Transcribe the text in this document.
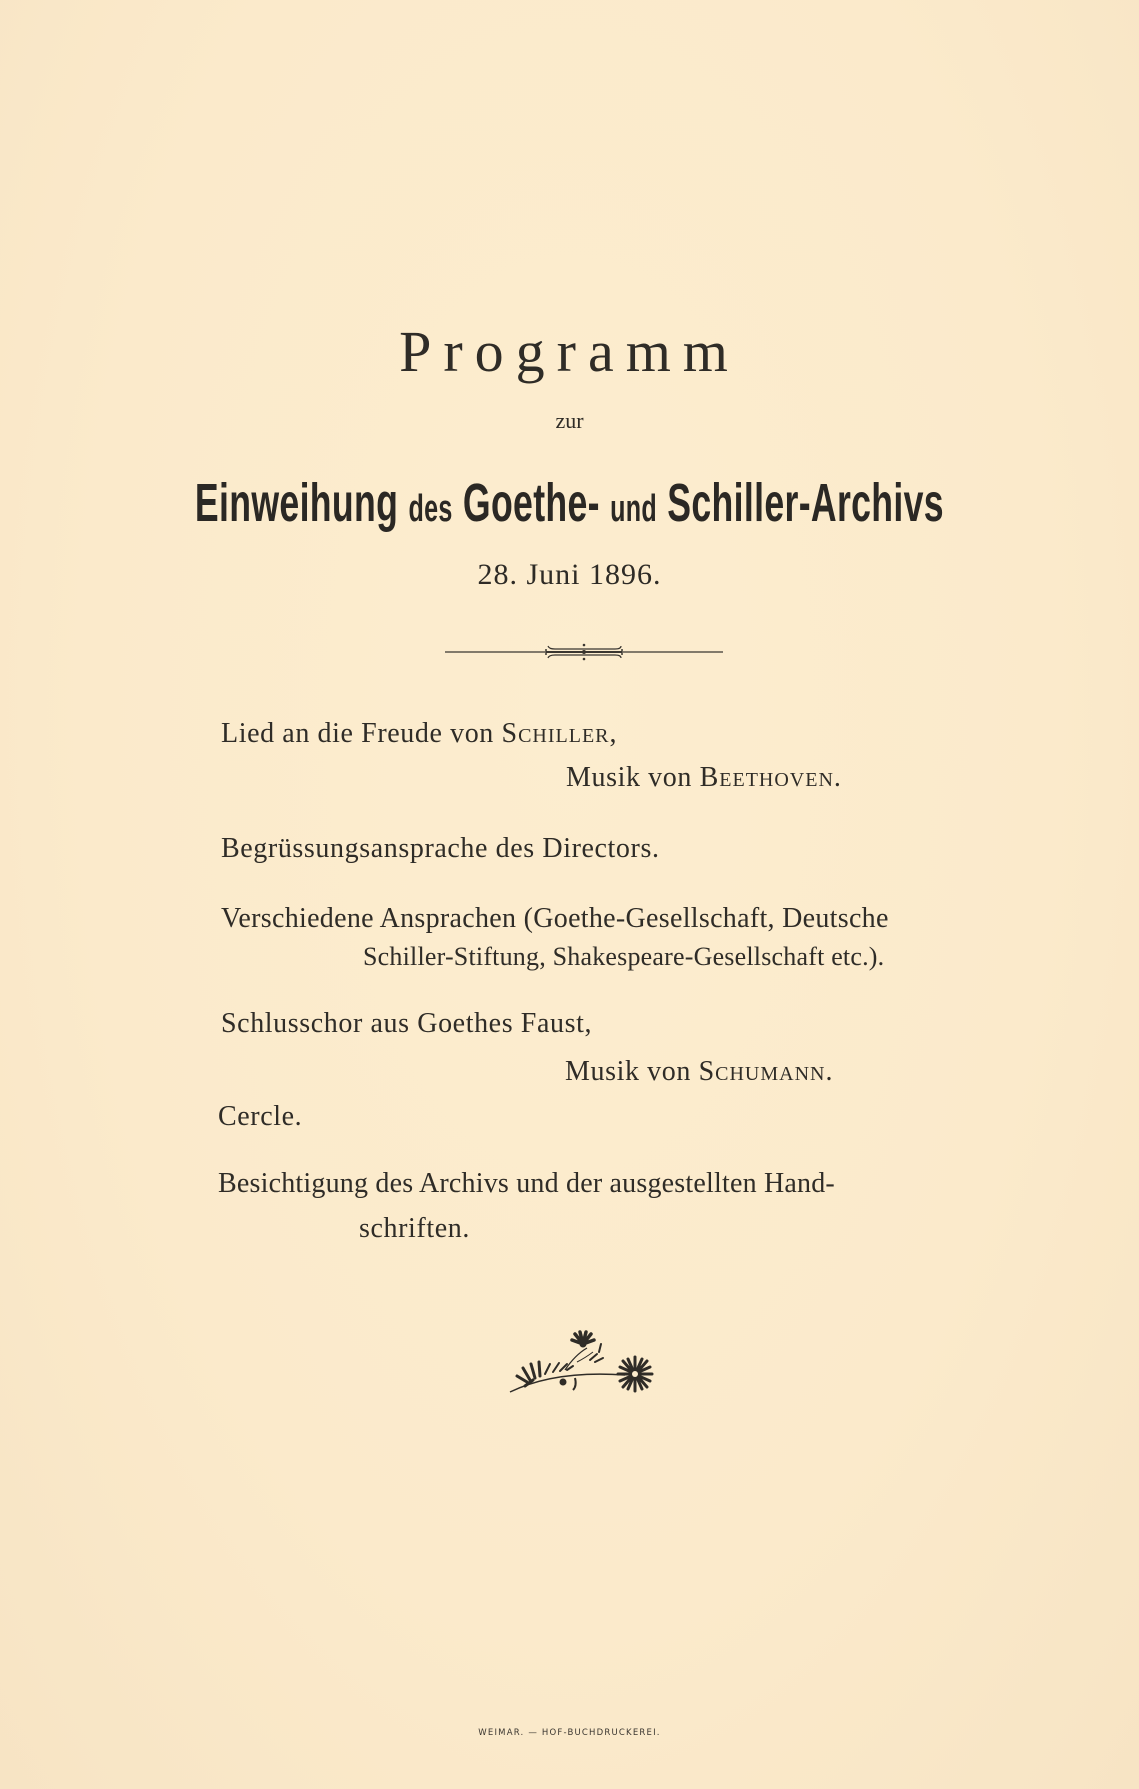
Programm
zur
Einweihung des Goethe- und Schiller-Archivs
28. Juni 1896.
Lied an die Freude von Schiller,
Musik von Beethoven.
Begrüssungsansprache des Directors.
Verschiedene Ansprachen (Goethe-Gesellschaft, Deutsche
Schiller-Stiftung, Shakespeare-Gesellschaft etc.).
Schlusschor aus Goethes Faust,
Musik von Schumann.
Cercle.
Besichtigung des Archivs und der ausgestellten Hand-
schriften.
WEIMAR. — HOF-BUCHDRUCKEREI.
